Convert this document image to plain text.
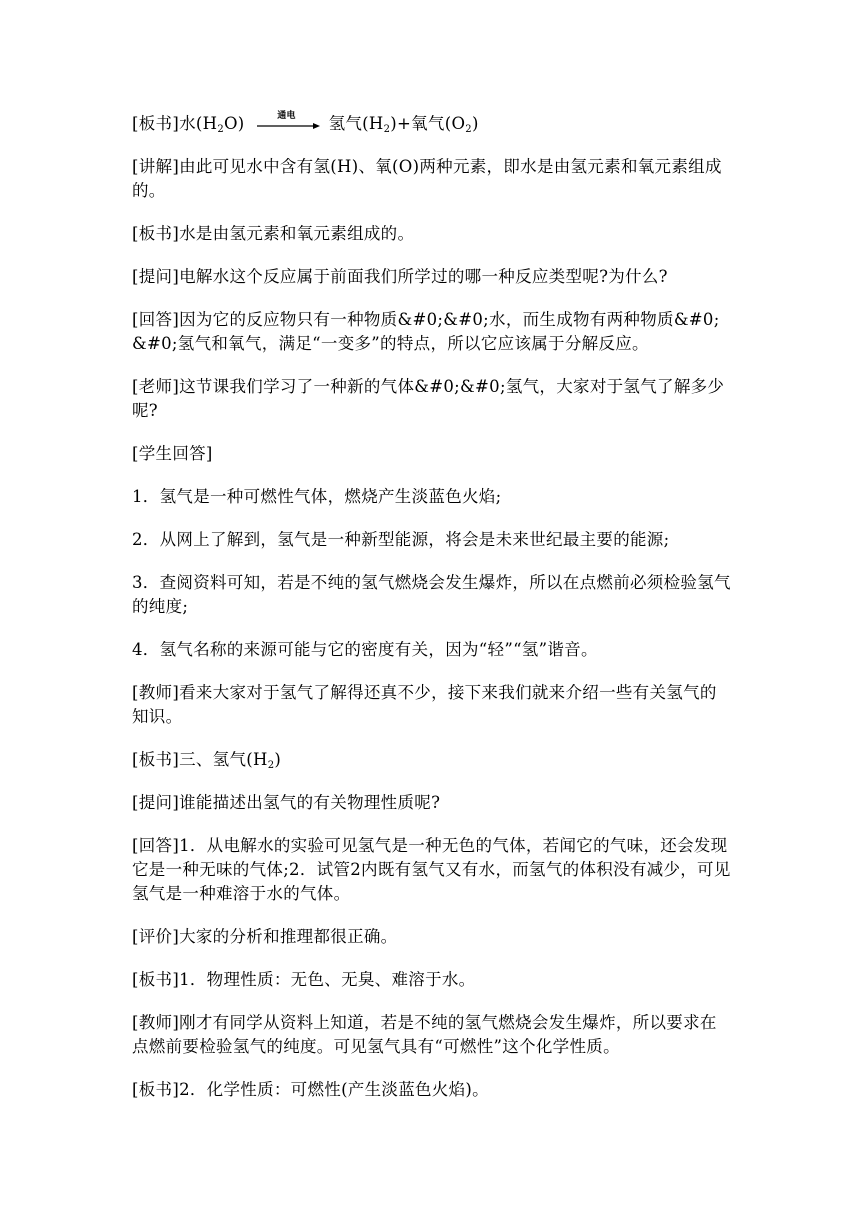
[板书]水$(H_2O)$	通电	氢气$(H_2)+$氧气$(O_2)$

[讲解]由此可见水中含有氢(H)、氧(O)两种元素，即水是由氢元素和氧元素组成的。

[板书]水是由氢元素和氧元素组成的。

[提问]电解水这个反应属于前面我们所学过的哪一种反应类型呢?为什么?

[回答]因为它的反应物只有一种物质&#0;&#0;水，而生成物有两种物质&#0;&#0;氢气和氧气，满足“一变多”的特点，所以它应该属于分解反应。

[老师]这节课我们学习了一种新的气体&#0;&#0;氢气，大家对于氢气了解多少呢?

[学生回答]

1．氢气是一种可燃性气体，燃烧产生淡蓝色火焰;

2．从网上了解到，氢气是一种新型能源，将会是未来世纪最主要的能源;

3．查阅资料可知，若是不纯的氢气燃烧会发生爆炸，所以在点燃前必须检验氢气的纯度;

4．氢气名称的来源可能与它的密度有关，因为“轻”“氢”谐音。

[教师]看来大家对于氢气了解得还真不少，接下来我们就来介绍一些有关氢气的知识。

[板书]三、氢气$(H_2)$

[提问]谁能描述出氢气的有关物理性质呢?

[回答]1．从电解水的实验可见氢气是一种无色的气体，若闻它的气味，还会发现它是一种无味的气体;2．试管2内既有氢气又有水，而氢气的体积没有减少，可见氢气是一种难溶于水的气体。

[评价]大家的分析和推理都很正确。

[板书]1．物理性质：无色、无臭、难溶于水。

[教师]刚才有同学从资料上知道，若是不纯的氢气燃烧会发生爆炸，所以要求在点燃前要检验氢气的纯度。可见氢气具有“可燃性”这个化学性质。

[板书]2．化学性质：可燃性(产生淡蓝色火焰)。
